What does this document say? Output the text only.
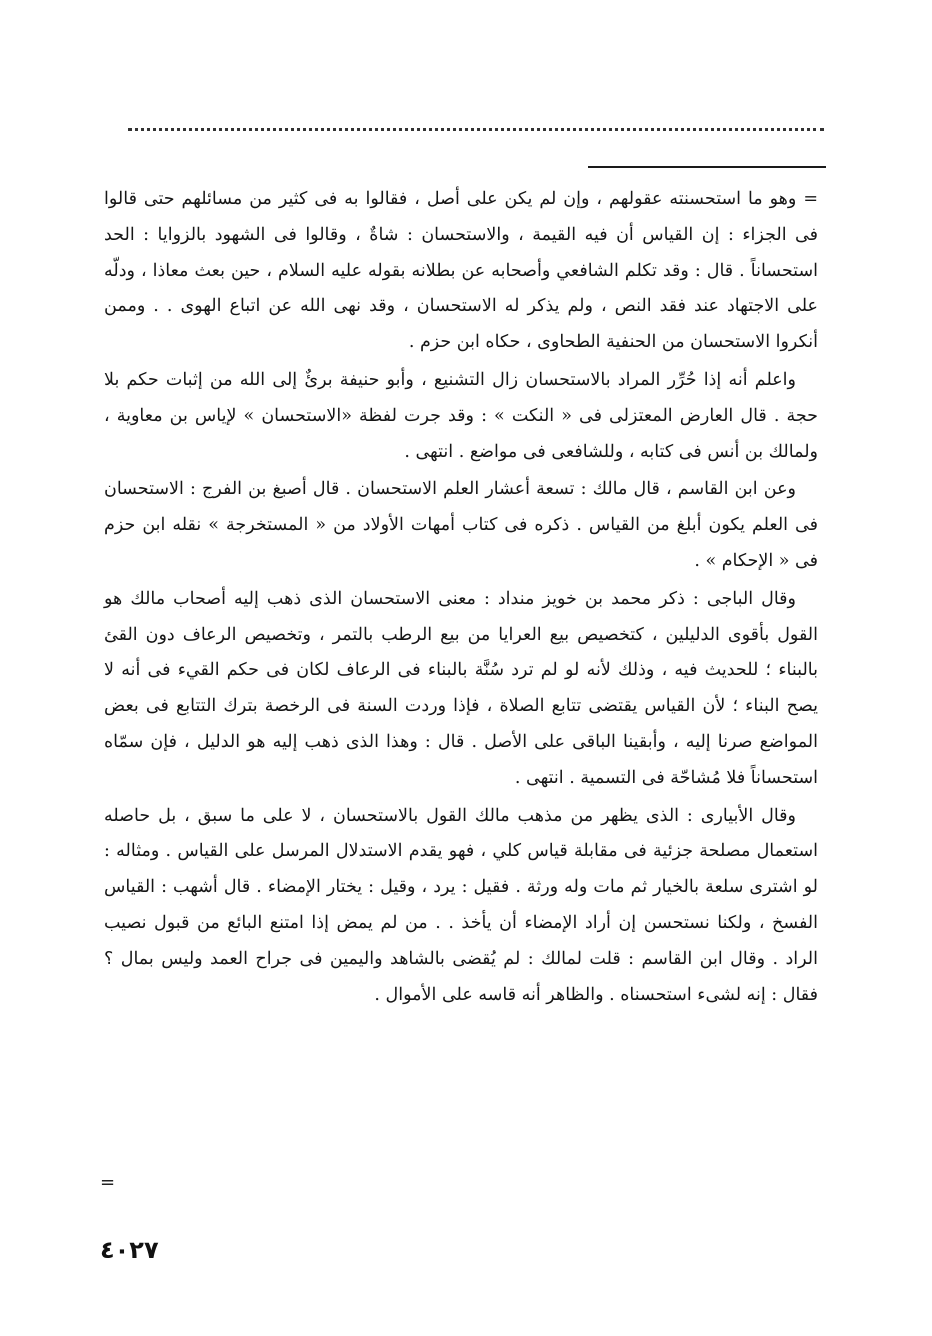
= وهو ما استحسنته عقولهم ، وإن لم يكن على أصل ، فقالوا به فى كثير من مسائلهم حتى قالوا فى الجزاء : إن القياس أن فيه القيمة ، والاستحسان : شاةٌ ، وقالوا فى الشهود بالزوايا : الحد استحساناً . قال : وقد تكلم الشافعي وأصحابه عن بطلانه بقوله عليه السلام ، حين بعث معاذا ، ودلّه على الاجتهاد عند فقد النص ، ولم يذكر له الاستحسان ، وقد نهى الله عن اتباع الهوى . . وممن أنكروا الاستحسان من الحنفية الطحاوى ، حكاه ابن حزم .

واعلم أنه إذا حُرِّر المراد بالاستحسان زال التشنيع ، وأبو حنيفة برئٌ إلى الله من إثبات حكم بلا حجة . قال العارض المعتزلى فى « النكت » : وقد جرت لفظة «الاستحسان » لإياس بن معاوية ، ولمالك بن أنس فى كتابه ، وللشافعى فى مواضع . انتهى .

وعن ابن القاسم ، قال مالك : تسعة أعشار العلم الاستحسان . قال أصبغ بن الفرج : الاستحسان فى العلم يكون أبلغ من القياس . ذكره فى كتاب أمهات الأولاد من « المستخرجة » نقله ابن حزم فى « الإحكام » .

وقال الباجى : ذكر محمد بن خويز منداد : معنى الاستحسان الذى ذهب إليه أصحاب مالك هو القول بأقوى الدليلين ، كتخصيص بيع العرايا من بيع الرطب بالتمر ، وتخصيص الرعاف دون القئ بالبناء ؛ للحديث فيه ، وذلك لأنه لو لم ترد سُنَّة بالبناء فى الرعاف لكان فى حكم القيء فى أنه لا يصح البناء ؛ لأن القياس يقتضى تتابع الصلاة ، فإذا وردت السنة فى الرخصة بترك التتابع فى بعض المواضع صرنا إليه ، وأبقينا الباقى على الأصل . قال : وهذا الذى ذهب إليه هو الدليل ، فإن سمّاه استحساناً فلا مُشاحّة فى التسمية . انتهى .

وقال الأبيارى : الذى يظهر من مذهب مالك القول بالاستحسان ، لا على ما سبق ، بل حاصله استعمال مصلحة جزئية فى مقابلة قياس كلي ، فهو يقدم الاستدلال المرسل على القياس . ومثاله : لو اشترى سلعة بالخيار ثم مات وله ورثة . فقيل : يرد ، وقيل : يختار الإمضاء . قال أشهب : القياس الفسخ ، ولكنا نستحسن إن أراد الإمضاء أن يأخذ . . من لم يمض إذا امتنع البائع من قبول نصيب الراد . وقال ابن القاسم : قلت لمالك : لم يُقضى بالشاهد واليمين فى جراح العمد وليس بمال ؟ فقال : إنه لشىء استحسناه . والظاهر أنه قاسه على الأموال .

=
٤٠٢٧
